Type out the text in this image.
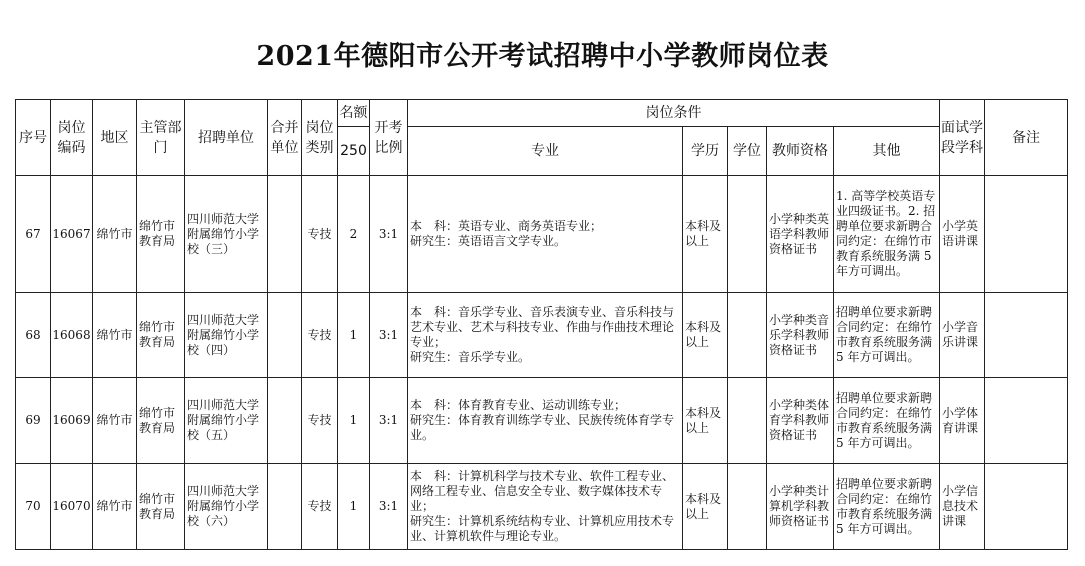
2021年德阳市公开考试招聘中小学教师岗位表
序号	岗位编码	地区	主管部门	招聘单位	合并单位	岗位类别	名额	开考比例	岗位条件					面试学段学科	备注
							250		专业	学历	学位	教师资格	其他		
67	16067	绵竹市	绵竹市教育局	四川师范大学附属绵竹小学校（三）		专技	2	3:1	本　科：英语专业、商务英语专业；
研究生：英语语言文学专业。	本科及以上		小学种类英语学科教师资格证书	1. 高等学校英语专业四级证书。2. 招聘单位要求新聘合同约定：在绵竹市教育系统服务满 5 年方可调出。	小学英语讲课	
68	16068	绵竹市	绵竹市教育局	四川师范大学附属绵竹小学校（四）		专技	1	3:1	本　科：音乐学专业、音乐表演专业、音乐科技与艺术专业、艺术与科技专业、作曲与作曲技术理论专业；
研究生：音乐学专业。	本科及以上		小学种类音乐学科教师资格证书	招聘单位要求新聘合同约定：在绵竹市教育系统服务满 5 年方可调出。	小学音乐讲课	
69	16069	绵竹市	绵竹市教育局	四川师范大学附属绵竹小学校（五）		专技	1	3:1	本　科：体育教育专业、运动训练专业；
研究生：体育教育训练学专业、民族传统体育学专业。	本科及以上		小学种类体育学科教师资格证书	招聘单位要求新聘合同约定：在绵竹市教育系统服务满 5 年方可调出。	小学体育讲课	
70	16070	绵竹市	绵竹市教育局	四川师范大学附属绵竹小学校（六）		专技	1	3:1	本　科：计算机科学与技术专业、软件工程专业、网络工程专业、信息安全专业、数字媒体技术专业；
研究生：计算机系统结构专业、计算机应用技术专业、计算机软件与理论专业。	本科及以上		小学种类计算机学科教师资格证书	招聘单位要求新聘合同约定：在绵竹市教育系统服务满 5 年方可调出。	小学信息技术讲课	
